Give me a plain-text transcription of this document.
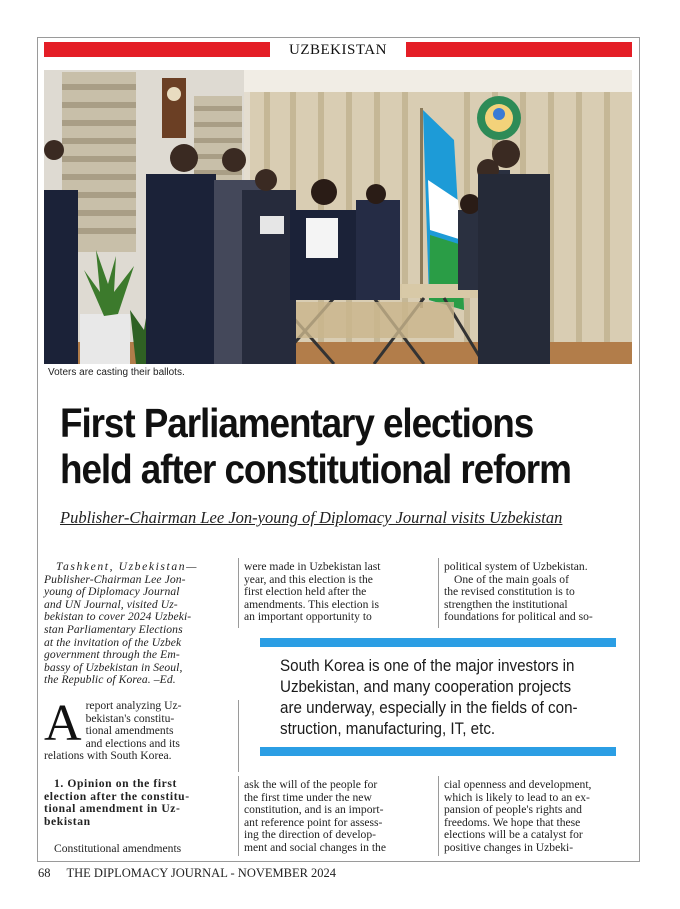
UZBEKISTAN
Voters are casting their ballots.
First Parliamentary elections
held after constitutional reform
Publisher-Chairman Lee Jon-young of Diplomacy Journal visits Uzbekistan
Tashkent, Uzbekistan—
Publisher-Chairman Lee Jon-
young of Diplomacy Journal
and UN Journal, visited Uz-
bekistan to cover 2024 Uzbeki-
stan Parliamentary Elections
at the invitation of the Uzbek
government through the Em-
bassy of Uzbekistan in Seoul,
the Republic of Korea. –Ed.
A report analyzing Uz-
bekistan's constitu-
tional amendments
and elections and its
relations with South Korea.
1. Opinion on the first
election after the constitu-
tional amendment in Uz-
bekistan
Constitutional amendments
were made in Uzbekistan last
year, and this election is the
first election held after the
amendments. This election is
an important opportunity to
ask the will of the people for
the first time under the new
constitution, and is an import-
ant reference point for assess-
ing the direction of develop-
ment and social changes in the
political system of Uzbekistan.
One of the main goals of
the revised constitution is to
strengthen the institutional
foundations for political and so-
cial openness and development,
which is likely to lead to an ex-
pansion of people's rights and
freedoms. We hope that these
elections will be a catalyst for
positive changes in Uzbeki-
South Korea is one of the major investors in
Uzbekistan, and many cooperation projects
are underway, especially in the fields of con-
struction, manufacturing, IT, etc.
68 THE DIPLOMACY JOURNAL - NOVEMBER 2024
